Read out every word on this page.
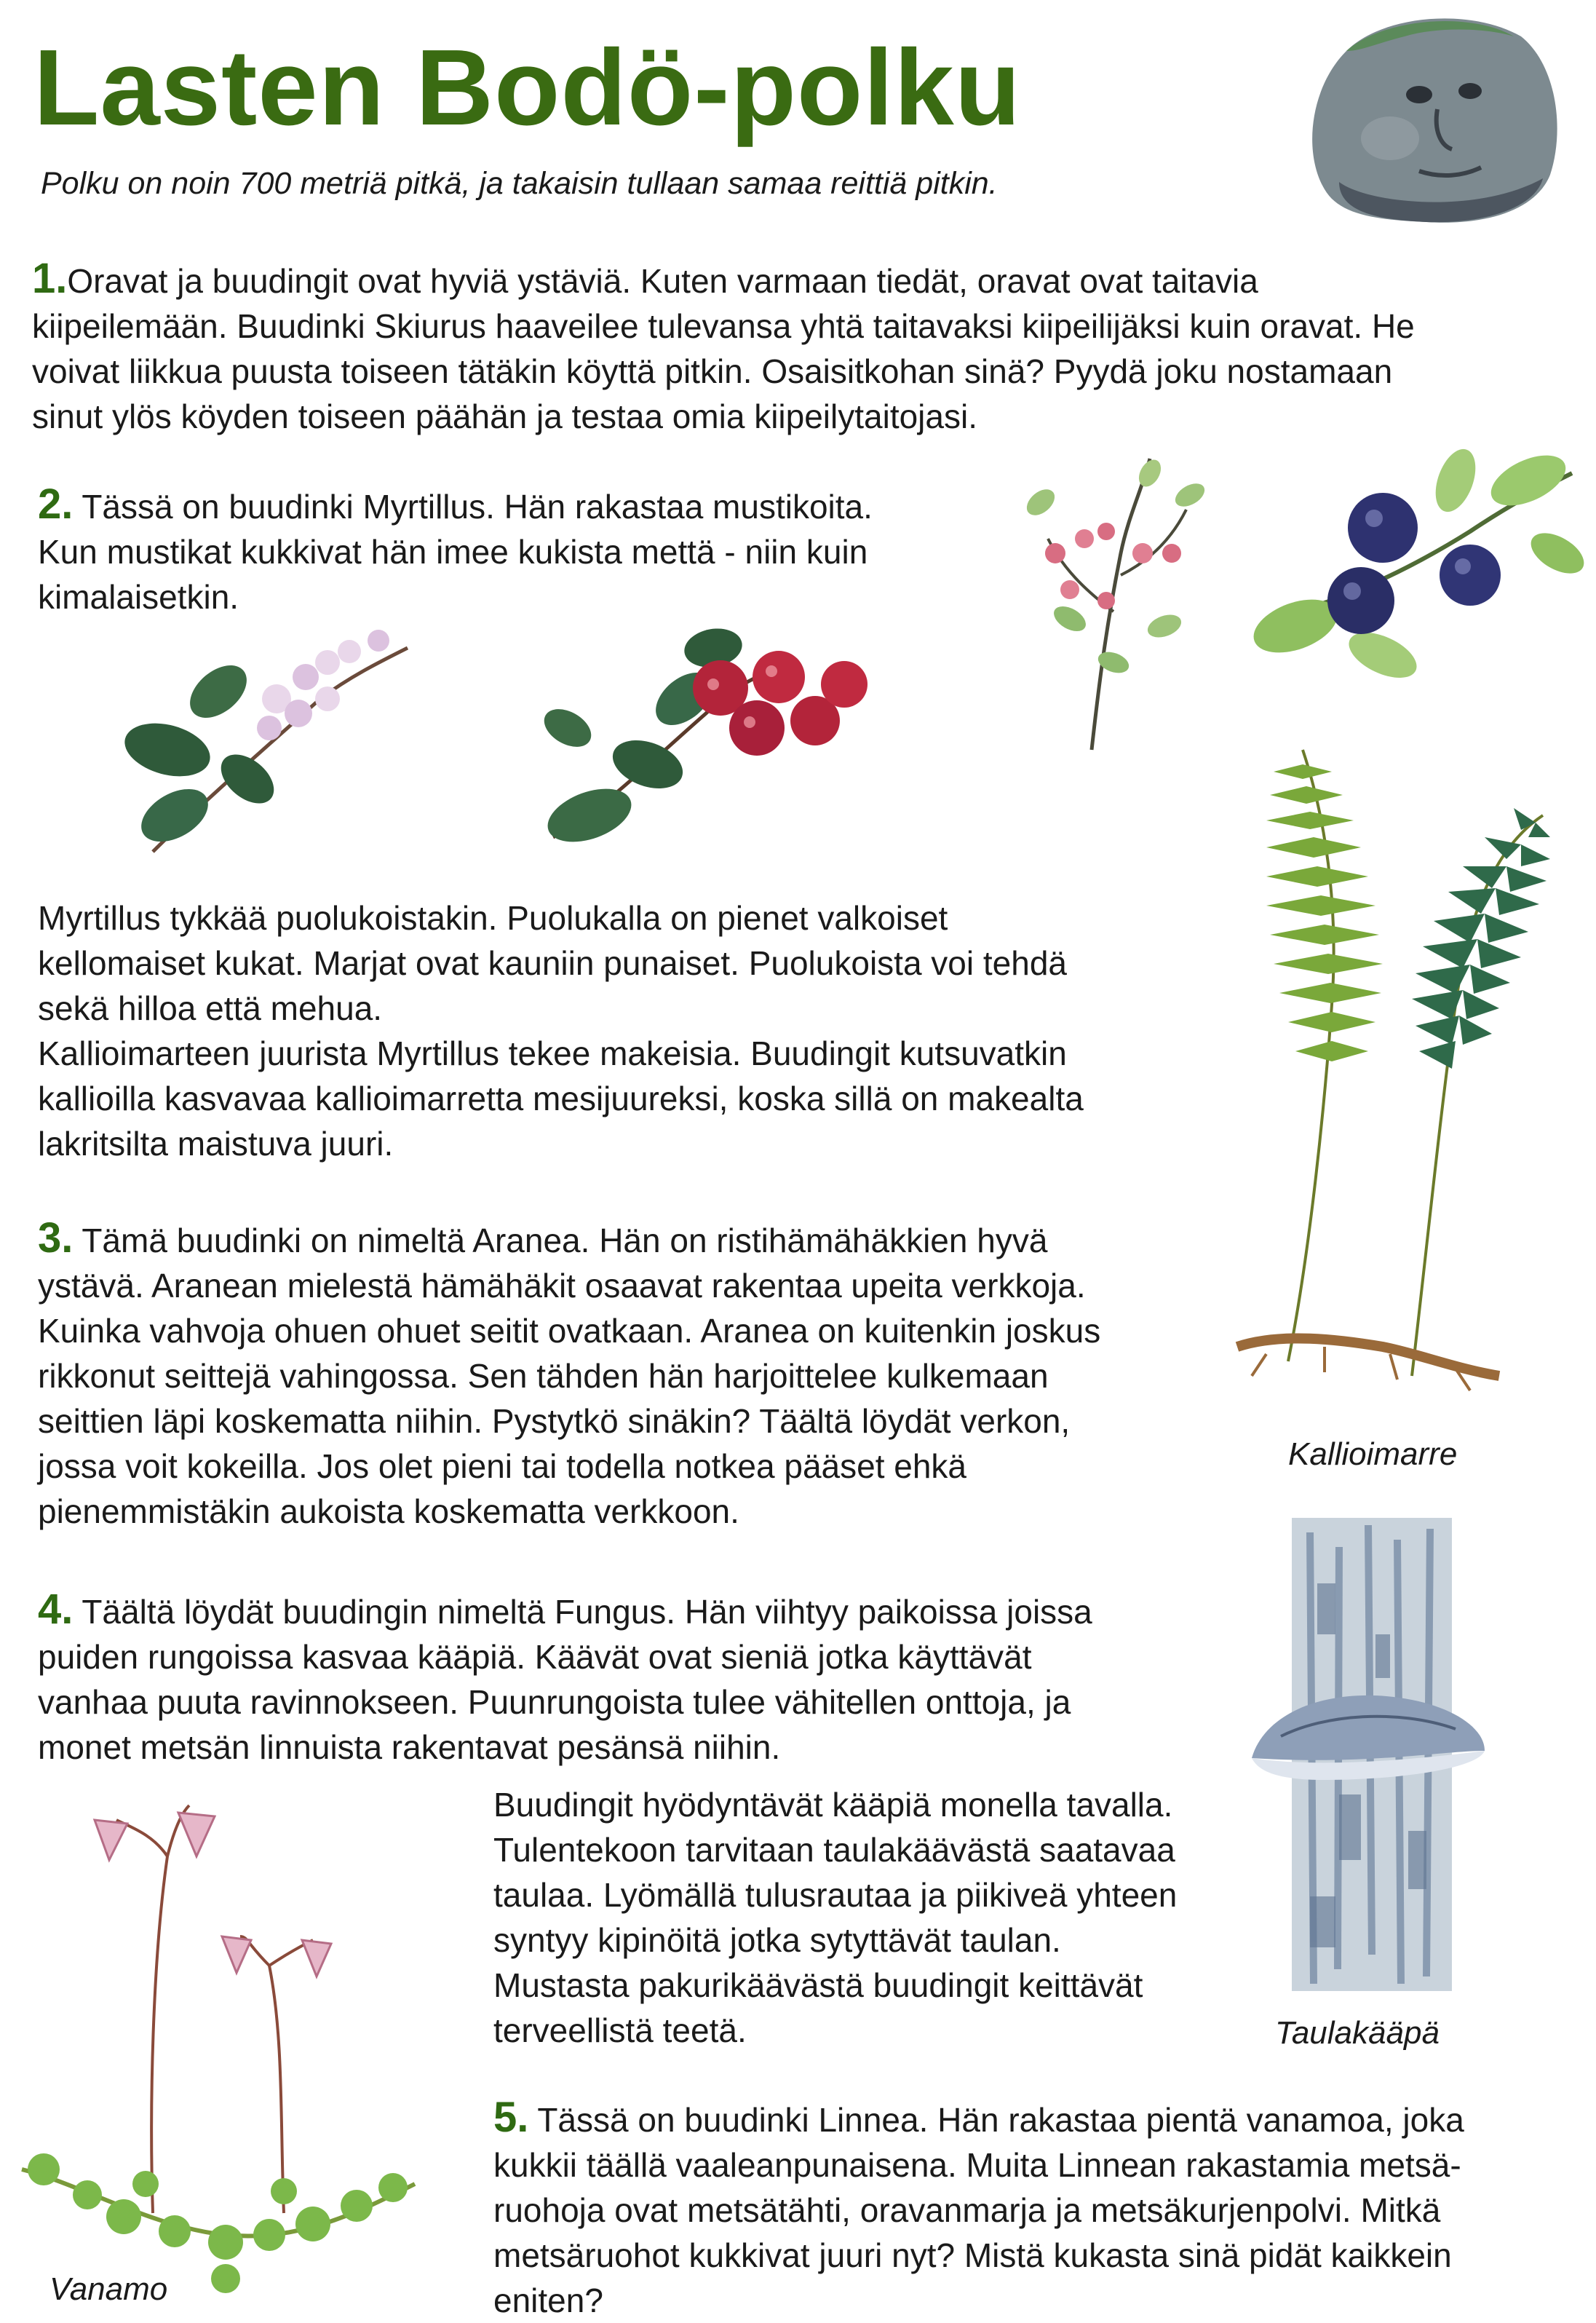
Lasten Bodö-polku
Polku on noin 700 metriä pitkä, ja takaisin tullaan samaa reittiä pitkin.
1.Oravat ja buudingit ovat hyviä ystäviä. Kuten varmaan tiedät, oravat ovat taitavia
kiipeilemään. Buudinki Skiurus haaveilee tulevansa yhtä taitavaksi kiipeilijäksi kuin oravat. He
voivat liikkua puusta toiseen tätäkin köyttä pitkin. Osaisitkohan sinä? Pyydä joku nostamaan
sinut ylös köyden toiseen päähän ja testaa omia kiipeilytaitojasi.
2. Tässä on buudinki Myrtillus. Hän rakastaa mustikoita.
Kun mustikat kukkivat hän imee kukista mettä - niin kuin
kimalaisetkin.
Myrtillus tykkää puolukoistakin. Puolukalla on pienet valkoiset
kellomaiset kukat. Marjat ovat kauniin punaiset. Puolukoista voi tehdä
sekä hilloa että mehua.
Kallioimarteen juurista Myrtillus tekee makeisia. Buudingit kutsuvatkin
kallioilla kasvavaa kallioimarretta mesijuureksi, koska sillä on makealta
lakritsilta maistuva juuri.
Kallioimarre
3. Tämä buudinki on nimeltä Aranea. Hän on ristihämähäkkien hyvä
ystävä. Aranean mielestä hämähäkit osaavat rakentaa upeita verkkoja.
Kuinka vahvoja ohuen ohuet seitit ovatkaan. Aranea on kuitenkin joskus
rikkonut seittejä vahingossa. Sen tähden hän harjoittelee kulkemaan
seittien läpi koskematta niihin. Pystytkö sinäkin? Täältä löydät verkon,
jossa voit kokeilla. Jos olet pieni tai todella notkea pääset ehkä
pienemmistäkin aukoista koskematta verkkoon.
4. Täältä löydät buudingin nimeltä Fungus. Hän viihtyy paikoissa joissa
puiden rungoissa kasvaa kääpiä. Käävät ovat sieniä jotka käyttävät
vanhaa puuta ravinnokseen. Puunrungoista tulee vähitellen onttoja, ja
monet metsän linnuista rakentavat pesänsä niihin.
Taulakääpä
Buudingit hyödyntävät kääpiä monella tavalla.
Tulentekoon tarvitaan taulakäävästä saatavaa
taulaa. Lyömällä tulusrautaa ja piikiveä yhteen
syntyy kipinöitä jotka sytyttävät taulan.
Mustasta pakurikäävästä buudingit keittävät
terveellistä teetä.
Vanamo
5. Tässä on buudinki Linnea. Hän rakastaa pientä vanamoa, joka
kukkii täällä vaaleanpunaisena. Muita Linnean rakastamia metsä-
ruohoja ovat metsätähti, oravanmarja ja metsäkurjenpolvi. Mitkä
metsäruohot kukkivat juuri nyt? Mistä kukasta sinä pidät kaikkein
eniten?
